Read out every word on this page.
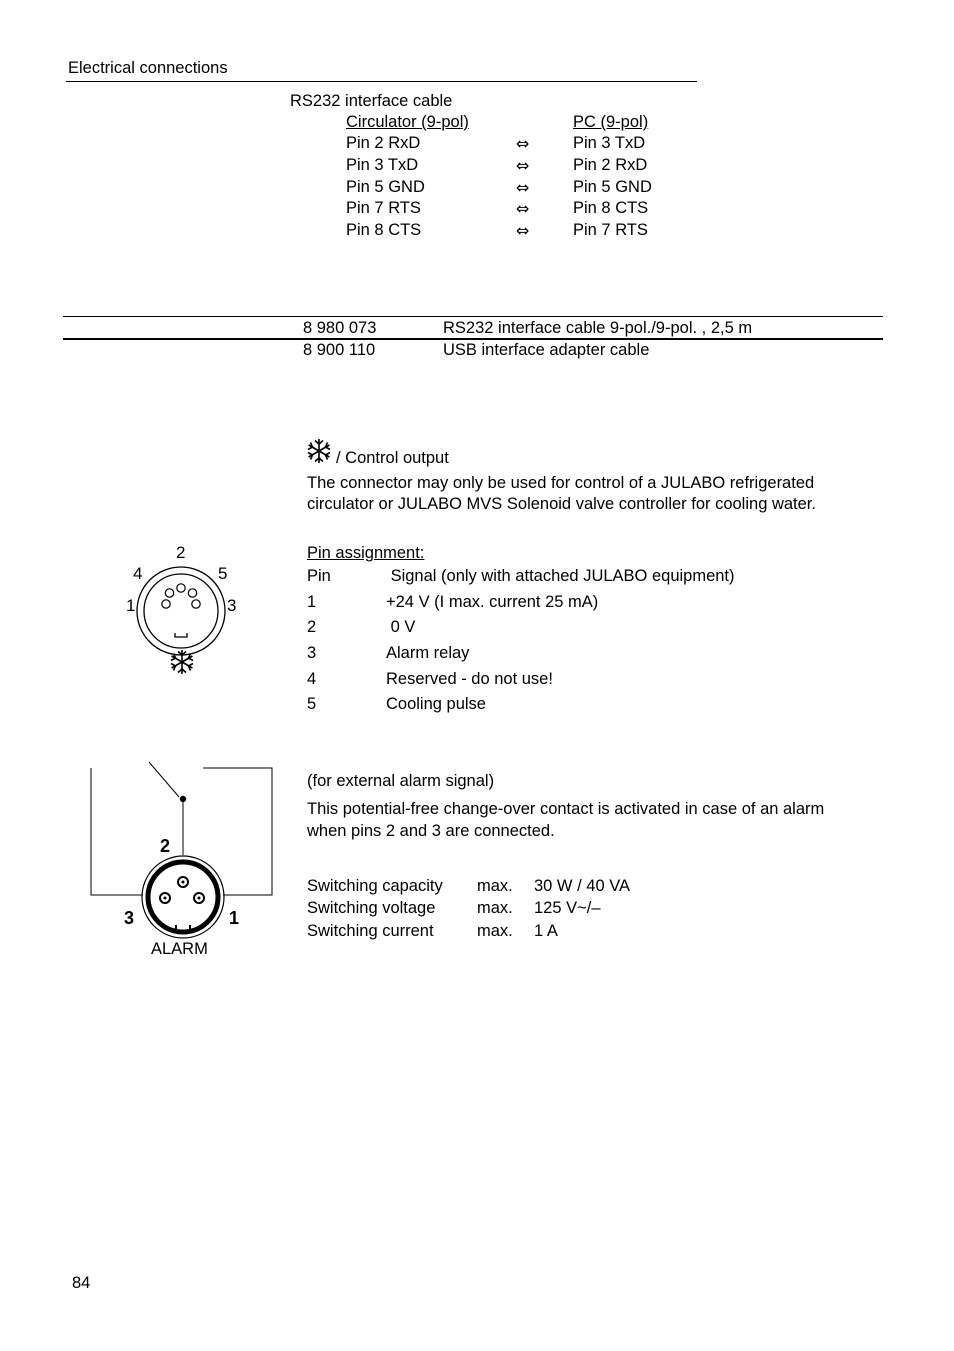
Electrical connections
RS232 interface cable
Circulator (9-pol)	PC (9-pol)
Pin 2 RxD	⇔	Pin 3 TxD
Pin 3 TxD	⇔	Pin 2 RxD
Pin 5 GND	⇔	Pin 5 GND
Pin 7 RTS	⇔	Pin 8 CTS
Pin 8 CTS	⇔	Pin 7 RTS
8 980 073	RS232 interface cable 9-pol./9-pol. , 2,5 m
8 900 110	USB interface adapter cable
/ Control output
The connector may only be used for control of a JULABO refrigerated
circulator or JULABO MVS Solenoid valve controller for cooling water.
Pin assignment:
Pin	Signal (only with attached JULABO equipment)
1	+24 V (I max. current 25 mA)
2	0 V
3	Alarm relay
4	Reserved - do not use!
5	Cooling pulse
2
4	5
1	3
(for external alarm signal)
This potential-free change-over contact is activated in case of an alarm
when pins 2 and 3 are connected.
Switching capacity max. 30 W / 40 VA
Switching voltage	max. 125 V~/–
Switching current	max. 1 A
2
3	1
ALARM
84
